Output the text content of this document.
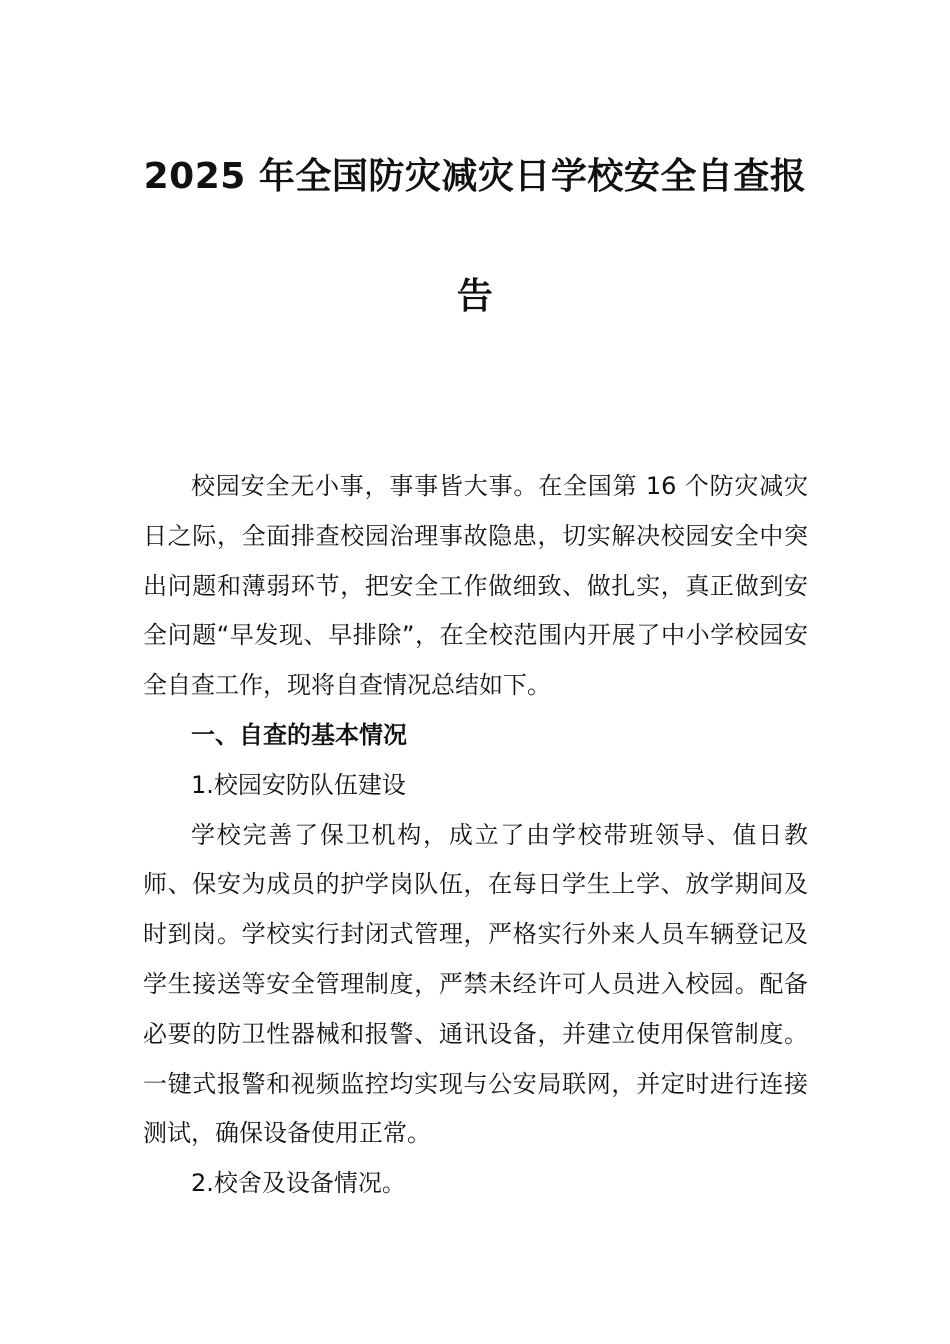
2025 年全国防灾减灾日学校安全自查报
告

校园安全无小事，事事皆大事。在全国第 16 个防灾减灾日之际，全面排查校园治理事故隐患，切实解决校园安全中突出问题和薄弱环节，把安全工作做细致、做扎实，真正做到安全问题“早发现、早排除”，在全校范围内开展了中小学校园安全自查工作，现将自查情况总结如下。

一、自查的基本情况

1.校园安防队伍建设

学校完善了保卫机构，成立了由学校带班领导、值日教师、保安为成员的护学岗队伍，在每日学生上学、放学期间及时到岗。学校实行封闭式管理，严格实行外来人员车辆登记及学生接送等安全管理制度，严禁未经许可人员进入校园。配备必要的防卫性器械和报警、通讯设备，并建立使用保管制度。一键式报警和视频监控均实现与公安局联网，并定时进行连接测试，确保设备使用正常。

2.校舍及设备情况。
